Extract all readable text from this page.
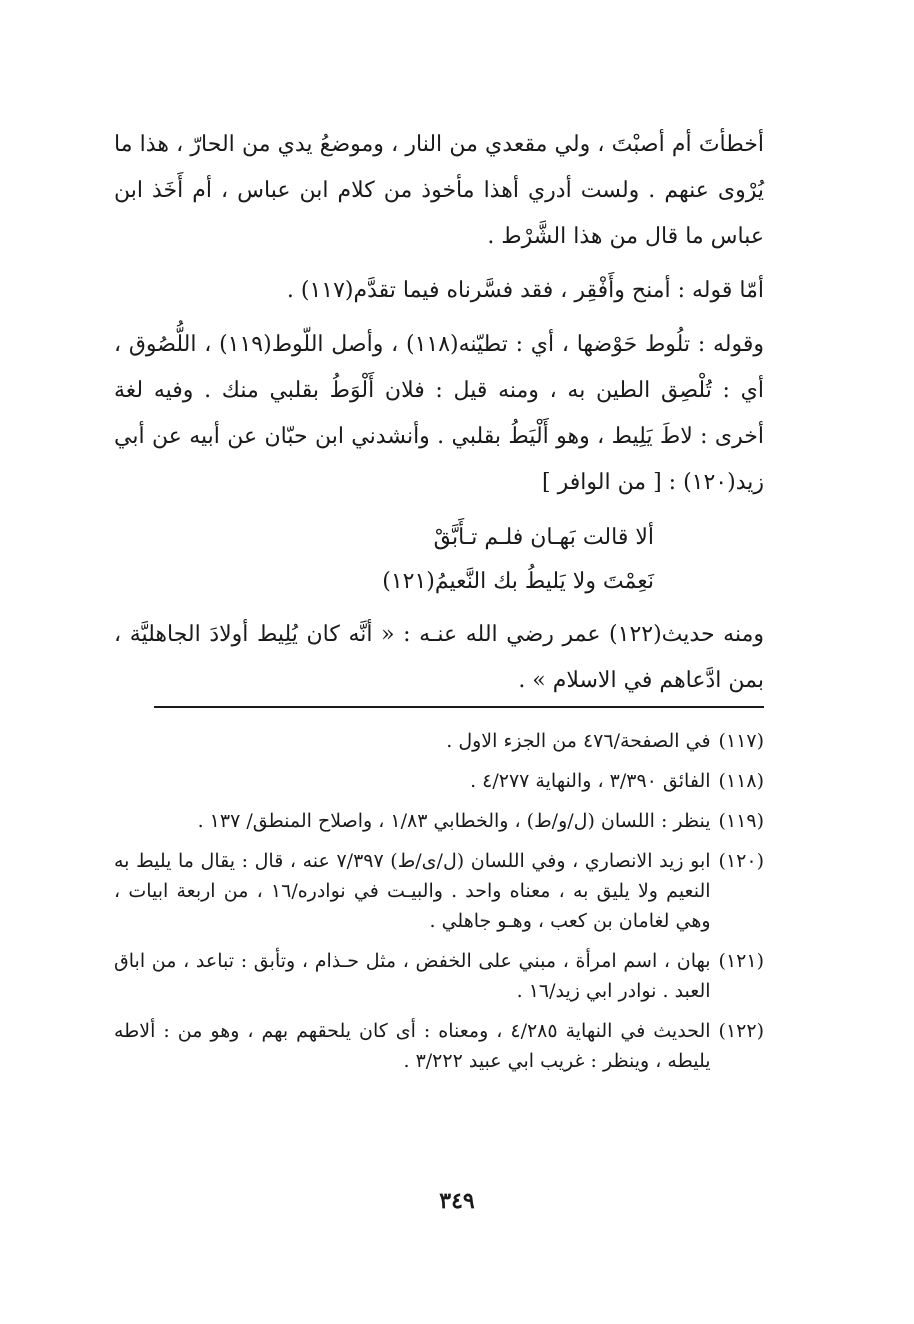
أخطأتَ أم أصبْتَ ، ولي مقعدي من النار ، وموضعُ يدي من الحارّ ، هذا ما يُرْوى عنهم . ولست أدري أهذا مأخوذ من كلام ابن عباس ، أم أَخَذ ابن عباس ما قال من هذا الشَّرْط .

أمّا قوله : أمنح وأَفْقِر ، فقد فسَّرناه فيما تقدَّم(١١٧) .

وقوله : تلُوط حَوْضها ، أي : تطيّنه(١١٨) ، وأصل اللّوط(١١٩) ، اللُّصُوق ، أي : تُلْصِق الطين به ، ومنه قيل : فلان أَلْوَطُ بقلبي منك . وفيه لغة أخرى : لاطَ يَلِيط ، وهو أَلْيَطُ بقلبي . وأنشدني ابن حبّان عن أبيه عن أبي زيد(١٢٠) : [ من الوافر ]

ألا قالت بَهـان فلـم تـأَبَّقْ
نَعِمْتَ ولا يَليطُ بك النَّعيمُ(١٢١)

ومنه حديث(١٢٢) عمر رضي الله عنـه : « أنَّه كان يُلِيط أولادَ الجاهليَّة ، بمن ادَّعاهم في الاسلام » .

(١١٧)
في الصفحة/٤٧٦ من الجزء الاول .
(١١٨)
الفائق ٣/٣٩٠ ، والنهاية ٤/٢٧٧ .
(١١٩)
ينظر : اللسان (ل/و/ط) ، والخطابي ١/٨٣ ، واصلاح المنطق/ ١٣٧ .
(١٢٠)
ابو زيد الانصاري ، وفي اللسان (ل/ى/ط) ٧/٣٩٧ عنه ، قال : يقال ما يليط به النعيم ولا يليق به ، معناه واحد . والبيـت في نوادره/١٦ ، من اربعة ابيات ، وهي لغامان بن كعب ، وهـو جاهلي .
(١٢١)
بهان ، اسم امرأة ، مبني على الخفض ، مثل حـذام ، وتأبق : تباعد ، من اباق العبد . نوادر ابي زيد/١٦ .
(١٢٢)
الحديث في النهاية ٤/٢٨٥ ، ومعناه : أى كان يلحقهم بهم ، وهو من : ألاطه يليطه ، وينظر : غريب ابي عبيد ٣/٢٢٢ .
٣٤٩
